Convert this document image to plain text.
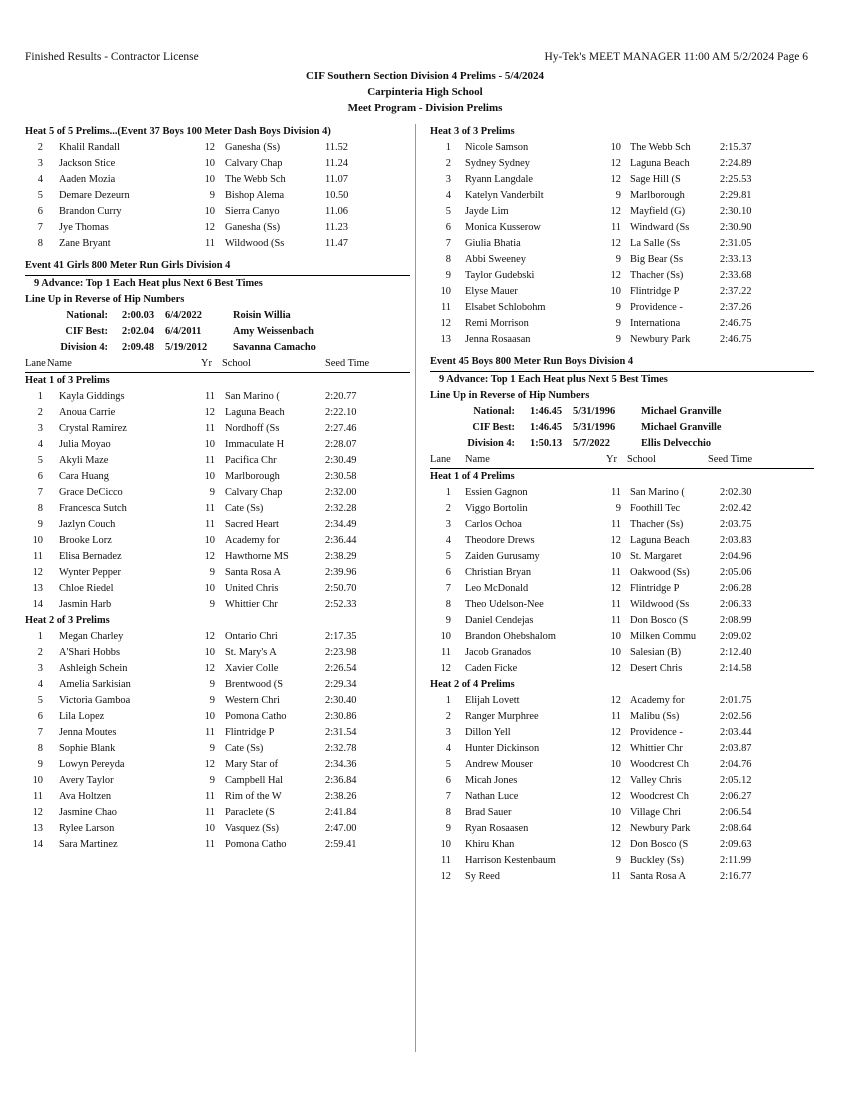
Finished Results - Contractor License	Hy-Tek's MEET MANAGER 11:00 AM 5/2/2024 Page 6
CIF Southern Section Division 4 Prelims - 5/4/2024
Carpinteria High School
Meet Program - Division Prelims
Heat 5 of 5 Prelims...(Event 37 Boys 100 Meter Dash Boys Division 4)
2 Khalil Randall	12 Ganesha (Ss)	11.52
3 Jackson Stice	10 Calvary Chap	11.24
4 Aaden Mozia	10 The Webb Sch	11.07
5 Demare Dezeurn	9 Bishop Alema	10.50
6 Brandon Curry	10 Sierra Canyo	11.06
7 Jye Thomas	12 Ganesha (Ss)	11.23
8 Zane Bryant	11 Wildwood (Ss	11.47
Event 41 Girls 800 Meter Run Girls Division 4
9 Advance: Top 1 Each Heat plus Next 6 Best Times
Line Up in Reverse of Hip Numbers
National: 2:00.03 6/4/2022	Roisin Willia
CIF Best: 2:02.04 6/4/2011	Amy Weissenbach
Division 4: 2:09.48 5/19/2012 Savanna Camacho
Lane Name	Yr School	Seed Time
Heat 1 of 3 Prelims
1 Kayla Giddings	11 San Marino (	2:20.77
2 Anoua Carrie	12 Laguna Beach	2:22.10
3 Crystal Ramirez	11 Nordhoff (Ss	2:27.46
4 Julia Moyao	10 Immaculate H	2:28.07
5 Akyli Maze	11 Pacifica Chr	2:30.49
6 Cara Huang	10 Marlborough	2:30.58
7 Grace DeCicco	9 Calvary Chap	2:32.00
8 Francesca Sutch	11 Cate (Ss)	2:32.28
9 Jazlyn Couch	11 Sacred Heart	2:34.49
10 Brooke Lorz	10 Academy for	2:36.44
11 Elisa Bernadez	12 Hawthorne MS	2:38.29
12 Wynter Pepper	9 Santa Rosa A	2:39.96
13 Chloe Riedel	10 United Chris	2:50.70
14 Jasmin Harb	9 Whittier Chr	2:52.33
Heat 2 of 3 Prelims
1 Megan Charley	12 Ontario Chri	2:17.35
2 A'Shari Hobbs	10 St. Mary's A	2:23.98
3 Ashleigh Schein	12 Xavier Colle	2:26.54
4 Amelia Sarkisian	9 Brentwood (S	2:29.34
5 Victoria Gamboa	9 Western Chri	2:30.40
6 Lila Lopez	10 Pomona Catho	2:30.86
7 Jenna Moutes	11 Flintridge P	2:31.54
8 Sophie Blank	9 Cate (Ss)	2:32.78
9 Lowyn Pereyda	12 Mary Star of	2:34.36
10 Avery Taylor	9 Campbell Hal	2:36.84
11 Ava Holtzen	11 Rim of the W	2:38.26
12 Jasmine Chao	11 Paraclete (S	2:41.84
13 Rylee Larson	10 Vasquez (Ss)	2:47.00
14 Sara Martinez	11 Pomona Catho	2:59.41
Heat 3 of 3 Prelims
1 Nicole Samson	10 The Webb Sch	2:15.37
2 Sydney Sydney	12 Laguna Beach	2:24.89
3 Ryann Langdale	12 Sage Hill (S	2:25.53
4 Katelyn Vanderbilt	9 Marlborough	2:29.81
5 Jayde Lim	12 Mayfield (G)	2:30.10
6 Monica Kusserow	11 Windward (Ss	2:30.90
7 Giulia Bhatia	12 La Salle (Ss	2:31.05
8 Abbi Sweeney	9 Big Bear (Ss	2:33.13
9 Taylor Gudebski	12 Thacher (Ss)	2:33.68
10 Elyse Mauer	10 Flintridge P	2:37.22
11 Elsabet Schlobohm	9 Providence -	2:37.26
12 Remi Morrison	9 Internationa	2:46.75
13 Jenna Rosaasan	9 Newbury Park	2:46.75
Event 45 Boys 800 Meter Run Boys Division 4
9 Advance: Top 1 Each Heat plus Next 5 Best Times
Line Up in Reverse of Hip Numbers
National: 1:46.45 5/31/1996 Michael Granville
CIF Best: 1:46.45 5/31/1996 Michael Granville
Division 4: 1:50.13 5/7/2022	Ellis Delvecchio
Lane Name	Yr School	Seed Time
Heat 1 of 4 Prelims
1 Essien Gagnon	11 San Marino (	2:02.30
2 Viggo Bortolin	9 Foothill Tec	2:02.42
3 Carlos Ochoa	11 Thacher (Ss)	2:03.75
4 Theodore Drews	12 Laguna Beach	2:03.83
5 Zaiden Gurusamy	10 St. Margaret	2:04.96
6 Christian Bryan	11 Oakwood (Ss)	2:05.06
7 Leo McDonald	12 Flintridge P	2:06.28
8 Theo Udelson-Nee	11 Wildwood (Ss	2:06.33
9 Daniel Cendejas	11 Don Bosco (S	2:08.99
10 Brandon Ohebshalom	10 Milken Commu 2:09.02
11 Jacob Granados	10 Salesian (B)	2:12.40
12 Caden Ficke	12 Desert Chris	2:14.58
Heat 2 of 4 Prelims
1 Elijah Lovett	12 Academy for	2:01.75
2 Ranger Murphree	11 Malibu (Ss)	2:02.56
3 Dillon Yell	12 Providence -	2:03.44
4 Hunter Dickinson	12 Whittier Chr	2:03.87
5 Andrew Mouser	10 Woodcrest Ch	2:04.76
6 Micah Jones	12 Valley Chris	2:05.12
7 Nathan Luce	12 Woodcrest Ch	2:06.27
8 Brad Sauer	10 Village Chri	2:06.54
9 Ryan Rosaasen	12 Newbury Park	2:08.64
10 Khiru Khan	12 Don Bosco (S	2:09.63
11 Harrison Kestenbaum	9 Buckley (Ss)	2:11.99
12 Sy Reed	11 Santa Rosa A	2:16.77
